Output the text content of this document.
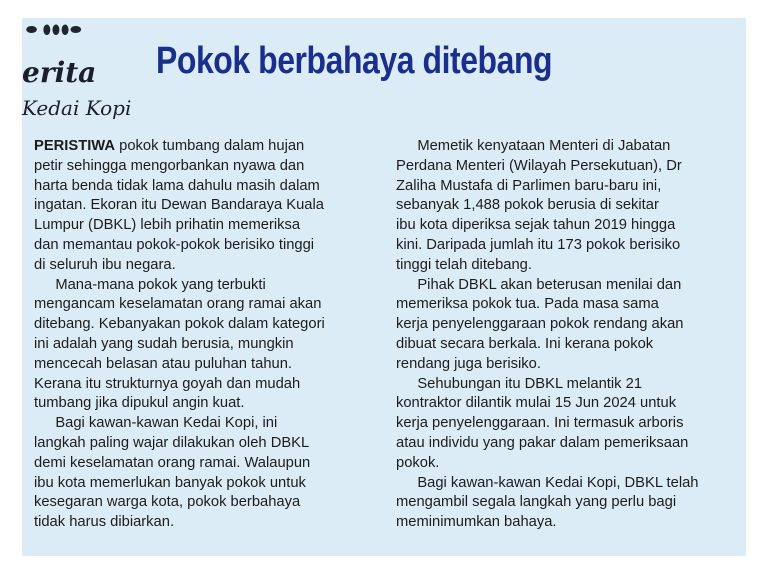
⬬ ⬮⬮⬮⬬
erita
Kedai Kopi
Pokok berbahaya ditebang
PERISTIWA pokok tumbang dalam hujan
petir sehingga mengorbankan nyawa dan
harta benda tidak lama dahulu masih dalam
ingatan. Ekoran itu Dewan Bandaraya Kuala
Lumpur (DBKL) lebih prihatin memeriksa
dan memantau pokok-pokok berisiko tinggi
di seluruh ibu negara.
Mana-mana pokok yang terbukti
mengancam keselamatan orang ramai akan
ditebang. Kebanyakan pokok dalam kategori
ini adalah yang sudah berusia, mungkin
mencecah belasan atau puluhan tahun.
Kerana itu strukturnya goyah dan mudah
tumbang jika dipukul angin kuat.
Bagi kawan-kawan Kedai Kopi, ini
langkah paling wajar dilakukan oleh DBKL
demi keselamatan orang ramai. Walaupun
ibu kota memerlukan banyak pokok untuk
kesegaran warga kota, pokok berbahaya
tidak harus dibiarkan.
Memetik kenyataan Menteri di Jabatan
Perdana Menteri (Wilayah Persekutuan), Dr
Zaliha Mustafa di Parlimen baru-baru ini,
sebanyak 1,488 pokok berusia di sekitar
ibu kota diperiksa sejak tahun 2019 hingga
kini. Daripada jumlah itu 173 pokok berisiko
tinggi telah ditebang.
Pihak DBKL akan beterusan menilai dan
memeriksa pokok tua. Pada masa sama
kerja penyelenggaraan pokok rendang akan
dibuat secara berkala. Ini kerana pokok
rendang juga berisiko.
Sehubungan itu DBKL melantik 21
kontraktor dilantik mulai 15 Jun 2024 untuk
kerja penyelenggaraan. Ini termasuk arboris
atau individu yang pakar dalam pemeriksaan
pokok.
Bagi kawan-kawan Kedai Kopi, DBKL telah
mengambil segala langkah yang perlu bagi
meminimumkan bahaya.
